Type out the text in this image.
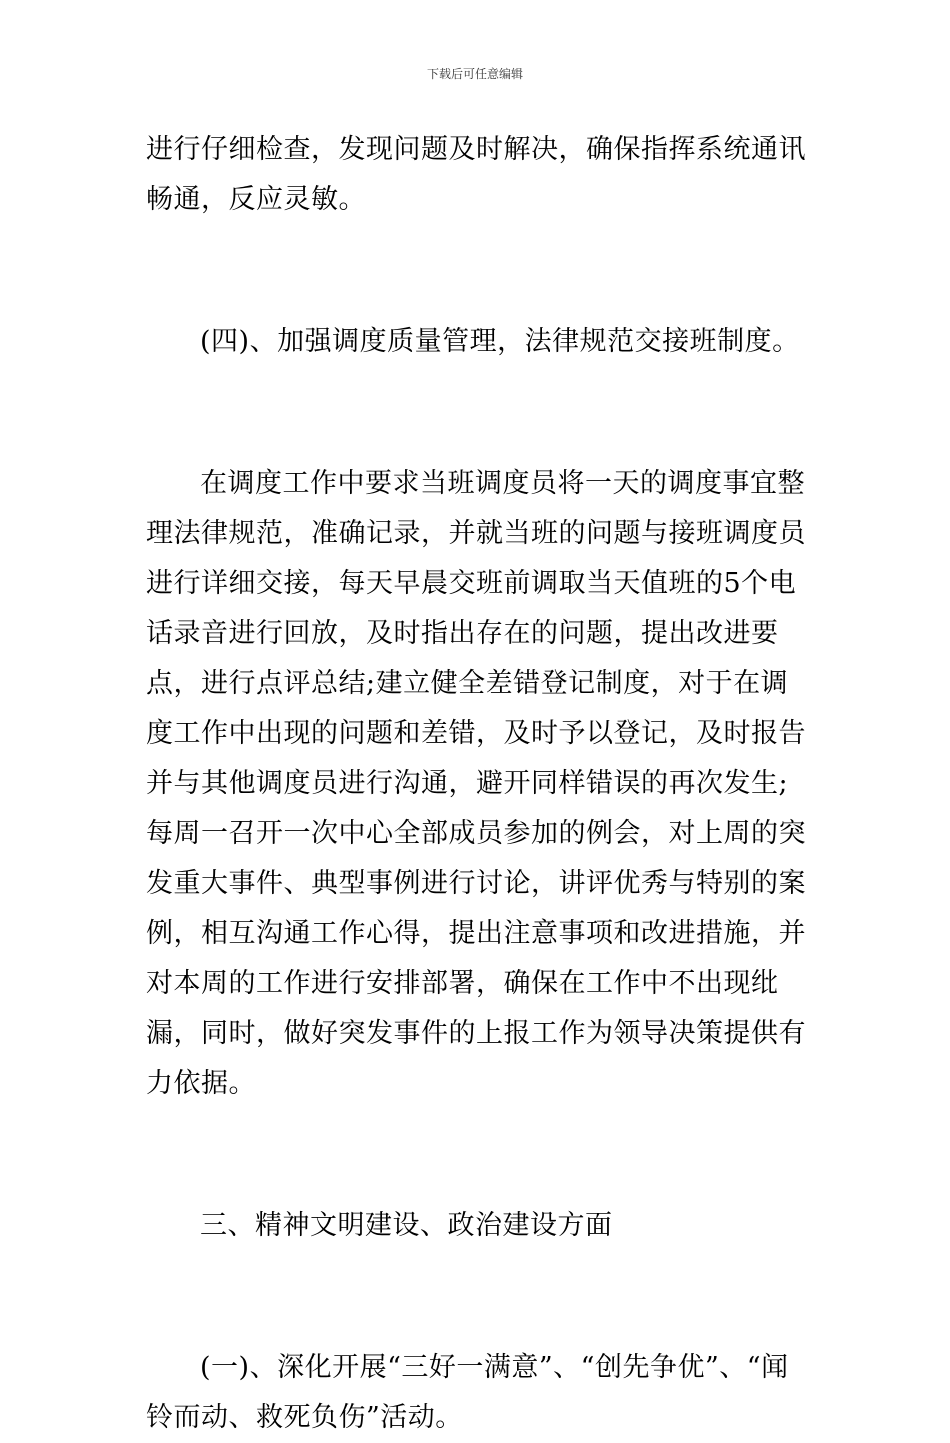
下载后可任意编辑

进行仔细检查，发现问题及时解决，确保指挥系统通讯畅通，反应灵敏。

(四)、加强调度质量管理，法律规范交接班制度。

在调度工作中要求当班调度员将一天的调度事宜整理法律规范，准确记录，并就当班的问题与接班调度员进行详细交接，每天早晨交班前调取当天值班的5个电话录音进行回放，及时指出存在的问题，提出改进要点，进行点评总结;建立健全差错登记制度，对于在调度工作中出现的问题和差错，及时予以登记，及时报告并与其他调度员进行沟通，避开同样错误的再次发生;每周一召开一次中心全部成员参加的例会，对上周的突发重大事件、典型事例进行讨论，讲评优秀与特别的案例，相互沟通工作心得，提出注意事项和改进措施，并对本周的工作进行安排部署，确保在工作中不出现纰漏，同时，做好突发事件的上报工作为领导决策提供有力依据。

三、精神文明建设、政治建设方面

(一)、深化开展“三好一满意”、“创先争优”、“闻铃而动、救死负伤”活动。
